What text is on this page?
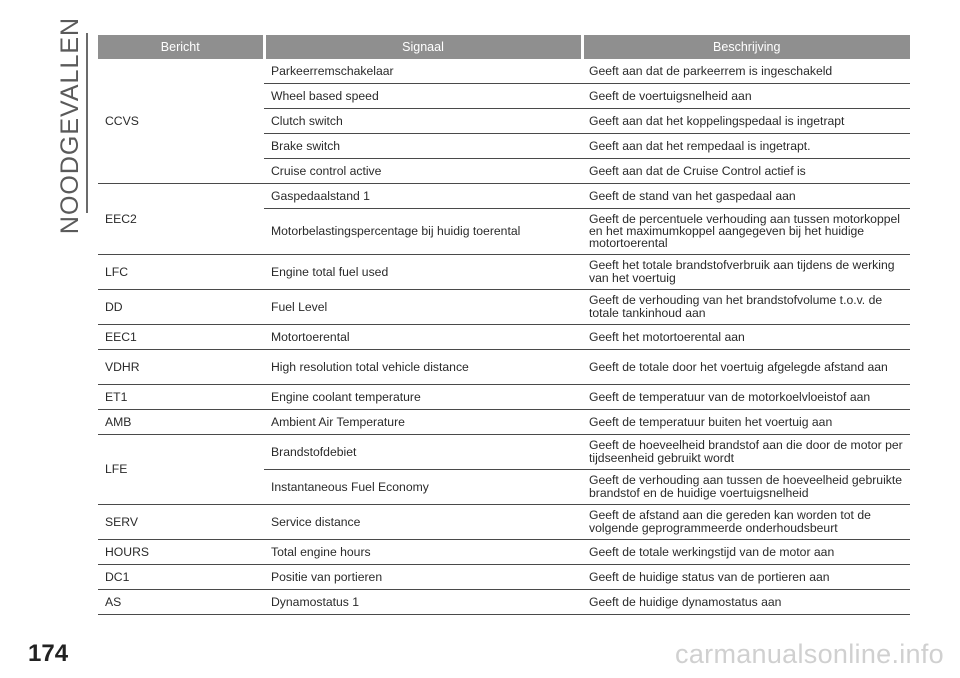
NOODGEVALLEN	Bericht	Signaal	Beschrijving
CCVS	Parkeerremschakelaar	Geeft aan dat de parkeerrem is ingeschakeld
	Wheel based speed	Geeft de voertuigsnelheid aan
	Clutch switch	Geeft aan dat het koppelingspedaal is ingetrapt
	Brake switch	Geeft aan dat het rempedaal is ingetrapt.
	Cruise control active	Geeft aan dat de Cruise Control actief is
EEC2	Gaspedaalstand 1	Geeft de stand van het gaspedaal aan
	Motorbelastingspercentage bij huidig toerental	Geeft de percentuele verhouding aan tussen motorkoppel en het maximumkoppel aangegeven bij het huidige motortoerental
LFC	Engine total fuel used	Geeft het totale brandstofverbruik aan tijdens de werking van het voertuig
DD	Fuel Level	Geeft de verhouding van het brandstofvolume t.o.v. de totale tankinhoud aan
EEC1	Motortoerental	Geeft het motortoerental aan
VDHR	High resolution total vehicle distance	Geeft de totale door het voertuig afgelegde afstand aan
ET1	Engine coolant temperature	Geeft de temperatuur van de motorkoelvloeistof aan
AMB	Ambient Air Temperature	Geeft de temperatuur buiten het voertuig aan
LFE	Brandstofdebiet	Geeft de hoeveelheid brandstof aan die door de motor per tijdseenheid gebruikt wordt
	Instantaneous Fuel Economy	Geeft de verhouding aan tussen de hoeveelheid gebruikte brandstof en de huidige voertuigsnelheid
SERV	Service distance	Geeft de afstand aan die gereden kan worden tot de volgende geprogrammeerde onderhoudsbeurt
HOURS	Total engine hours	Geeft de totale werkingstijd van de motor aan
DC1	Positie van portieren	Geeft de huidige status van de portieren aan
AS	Dynamostatus 1	Geeft de huidige dynamostatus aan
174	carmanualsonline.info
